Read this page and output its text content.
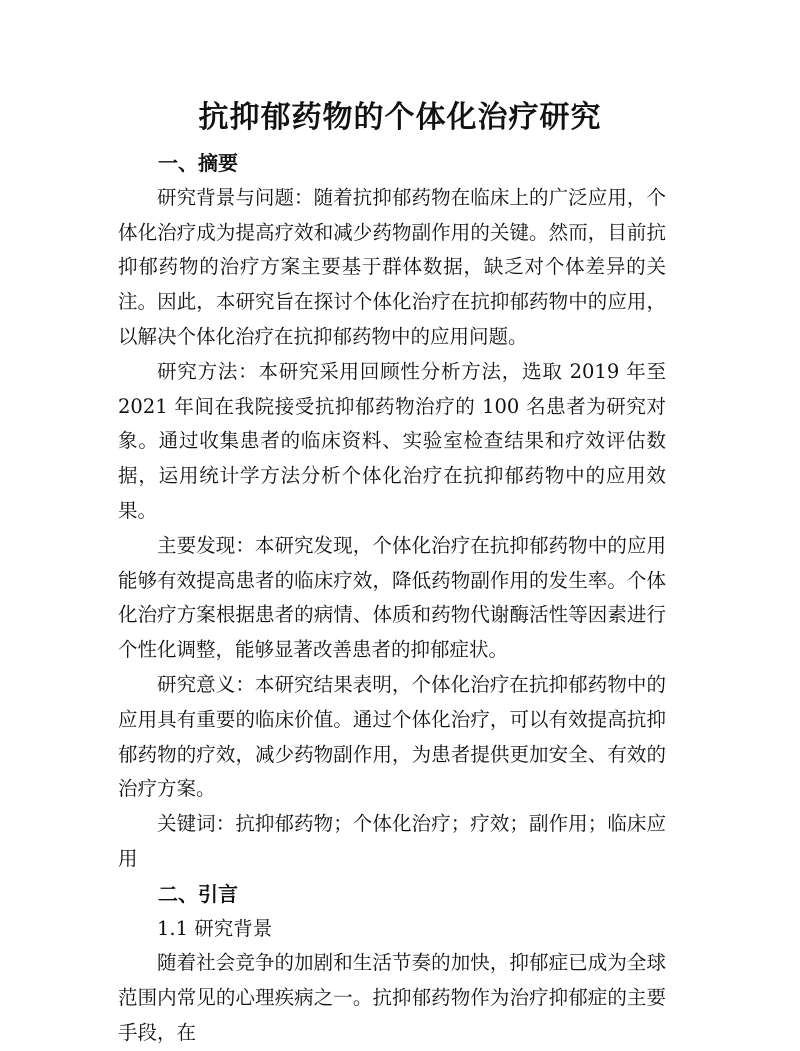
抗抑郁药物的个体化治疗研究
一、摘要

研究背景与问题：随着抗抑郁药物在临床上的广泛应用，个体化治疗成为提高疗效和减少药物副作用的关键。然而，目前抗抑郁药物的治疗方案主要基于群体数据，缺乏对个体差异的关注。因此，本研究旨在探讨个体化治疗在抗抑郁药物中的应用，以解决个体化治疗在抗抑郁药物中的应用问题。

研究方法：本研究采用回顾性分析方法，选取 2019 年至 2021 年间在我院接受抗抑郁药物治疗的 100 名患者为研究对象。通过收集患者的临床资料、实验室检查结果和疗效评估数据，运用统计学方法分析个体化治疗在抗抑郁药物中的应用效果。

主要发现：本研究发现，个体化治疗在抗抑郁药物中的应用能够有效提高患者的临床疗效，降低药物副作用的发生率。个体化治疗方案根据患者的病情、体质和药物代谢酶活性等因素进行个性化调整，能够显著改善患者的抑郁症状。

研究意义：本研究结果表明，个体化治疗在抗抑郁药物中的应用具有重要的临床价值。通过个体化治疗，可以有效提高抗抑郁药物的疗效，减少药物副作用，为患者提供更加安全、有效的治疗方案。

关键词：抗抑郁药物；个体化治疗；疗效；副作用；临床应用

二、引言

1.1 研究背景

随着社会竞争的加剧和生活节奏的加快，抑郁症已成为全球范围内常见的心理疾病之一。抗抑郁药物作为治疗抑郁症的主要手段，在
